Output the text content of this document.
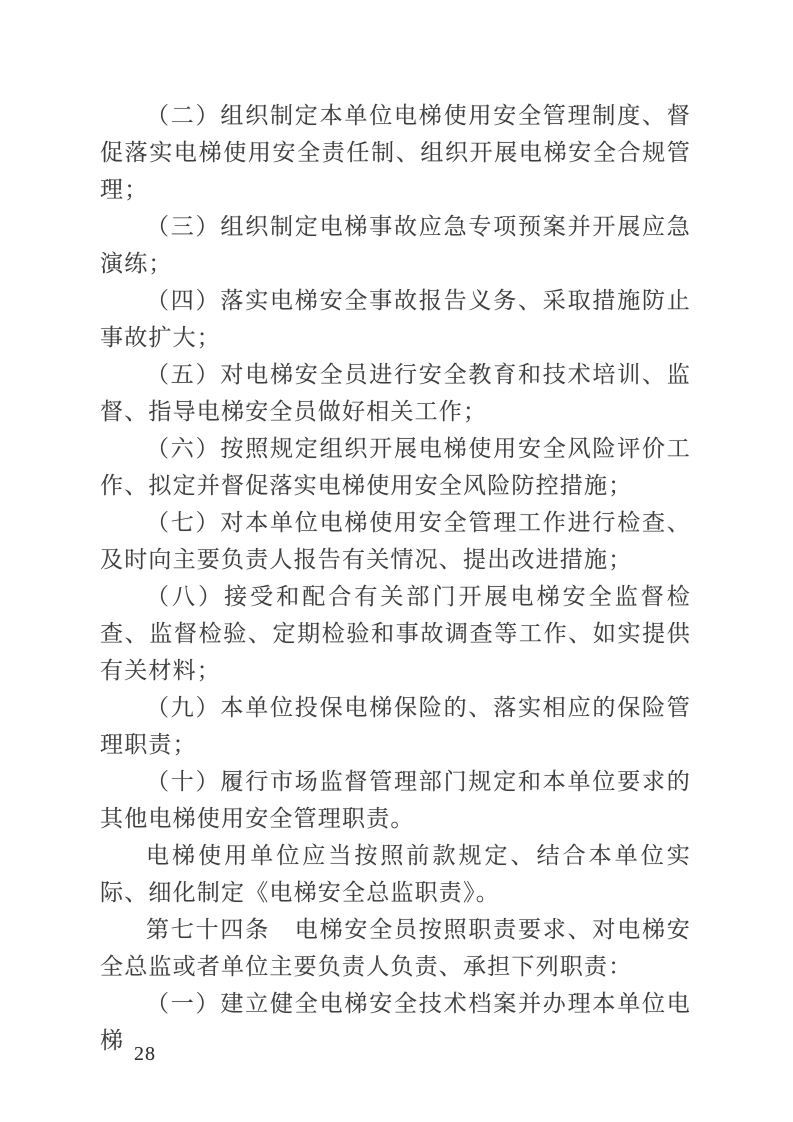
（二）组织制定本单位电梯使用安全管理制度、督促落实电梯使用安全责任制、组织开展电梯安全合规管理；

（三）组织制定电梯事故应急专项预案并开展应急演练；

（四）落实电梯安全事故报告义务、采取措施防止事故扩大；

（五）对电梯安全员进行安全教育和技术培训、监督、指导电梯安全员做好相关工作；

（六）按照规定组织开展电梯使用安全风险评价工作、拟定并督促落实电梯使用安全风险防控措施；

（七）对本单位电梯使用安全管理工作进行检查、及时向主要负责人报告有关情况、提出改进措施；

（八）接受和配合有关部门开展电梯安全监督检查、监督检验、定期检验和事故调查等工作、如实提供有关材料；

（九）本单位投保电梯保险的、落实相应的保险管理职责；

（十）履行市场监督管理部门规定和本单位要求的其他电梯使用安全管理职责。

电梯使用单位应当按照前款规定、结合本单位实际、细化制定《电梯安全总监职责》。

第七十四条　电梯安全员按照职责要求、对电梯安全总监或者单位主要负责人负责、承担下列职责：

（一）建立健全电梯安全技术档案并办理本单位电梯

28
